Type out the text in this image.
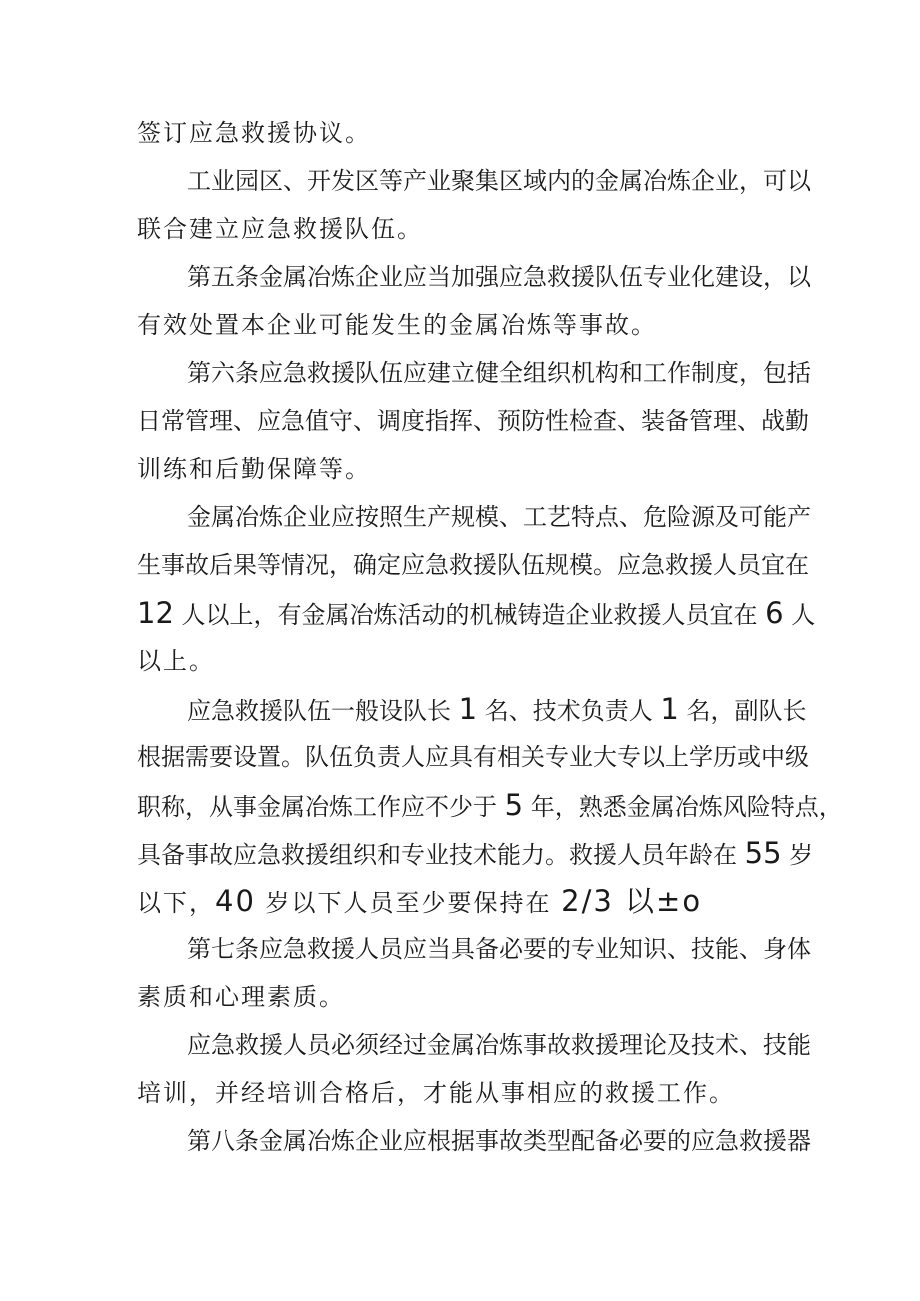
签订应急救援协议。
工业园区、开发区等产业聚集区域内的金属冶炼企业，可以
联合建立应急救援队伍。
第五条金属冶炼企业应当加强应急救援队伍专业化建设，以
有效处置本企业可能发生的金属冶炼等事故。
第六条应急救援队伍应建立健全组织机构和工作制度，包括
日常管理、应急值守、调度指挥、预防性检查、装备管理、战勤
训练和后勤保障等。
金属冶炼企业应按照生产规模、工艺特点、危险源及可能产
生事故后果等情况，确定应急救援队伍规模。应急救援人员宜在
12 人以上，有金属冶炼活动的机械铸造企业救援人员宜在 6 人
以上。
应急救援队伍一般设队长 1 名、技术负责人 1 名，副队长
根据需要设置。队伍负责人应具有相关专业大专以上学历或中级
职称，从事金属冶炼工作应不少于 5 年，熟悉金属冶炼风险特点，
具备事故应急救援组织和专业技术能力。救援人员年龄在 55 岁
以下，40 岁以下人员至少要保持在 2/3 以±o
第七条应急救援人员应当具备必要的专业知识、技能、身体
素质和心理素质。
应急救援人员必须经过金属冶炼事故救援理论及技术、技能
培训，并经培训合格后，才能从事相应的救援工作。
第八条金属冶炼企业应根据事故类型配备必要的应急救援器
